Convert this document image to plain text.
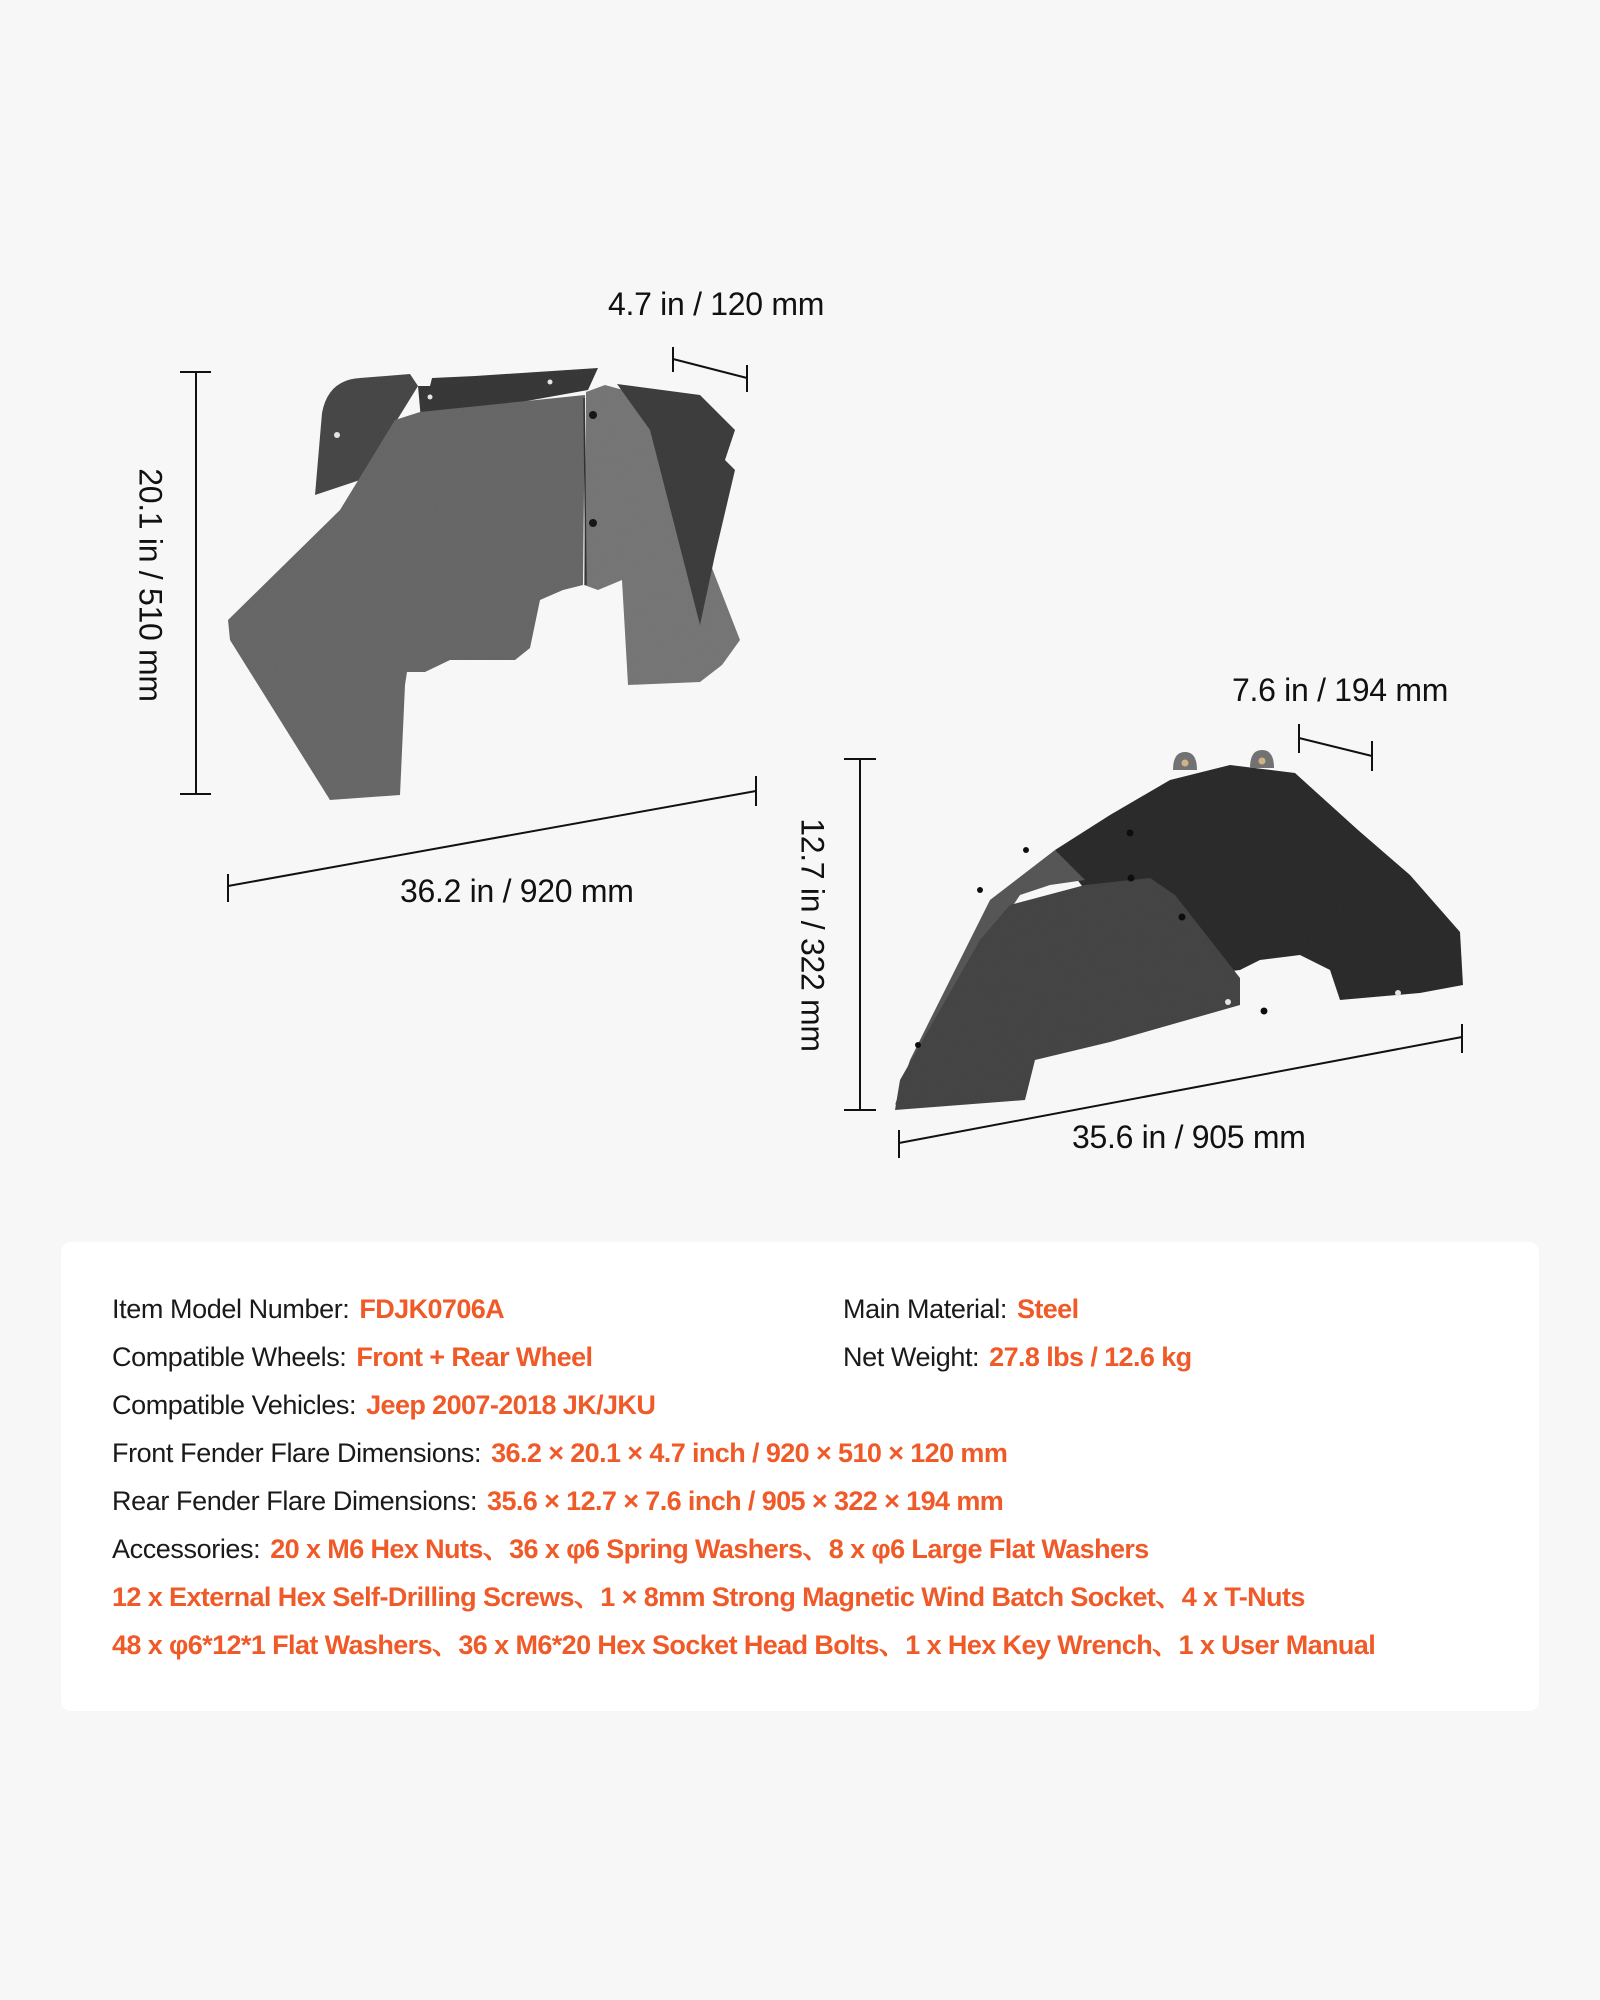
4.7 in / 120 mm
20.1 in / 510 mm
36.2 in / 920 mm
7.6 in / 194 mm
12.7 in / 322 mm
35.6 in / 905 mm
Item Model Number: FDJK0706A	Main Material: Steel
Compatible Wheels: Front + Rear Wheel	Net Weight: 27.8 lbs / 12.6 kg
Compatible Vehicles: Jeep 2007-2018 JK/JKU
Front Fender Flare Dimensions: 36.2 × 20.1 × 4.7 inch / 920 × 510 × 120 mm
Rear Fender Flare Dimensions: 35.6 × 12.7 × 7.6 inch / 905 × 322 × 194 mm
Accessories: 20 x M6 Hex Nuts、36 x φ6 Spring Washers、8 x φ6 Large Flat Washers
12 x External Hex Self-Drilling Screws、1 × 8mm Strong Magnetic Wind Batch Socket、4 x T-Nuts
48 x φ6*12*1 Flat Washers、36 x M6*20 Hex Socket Head Bolts、1 x Hex Key Wrench、1 x User Manual
